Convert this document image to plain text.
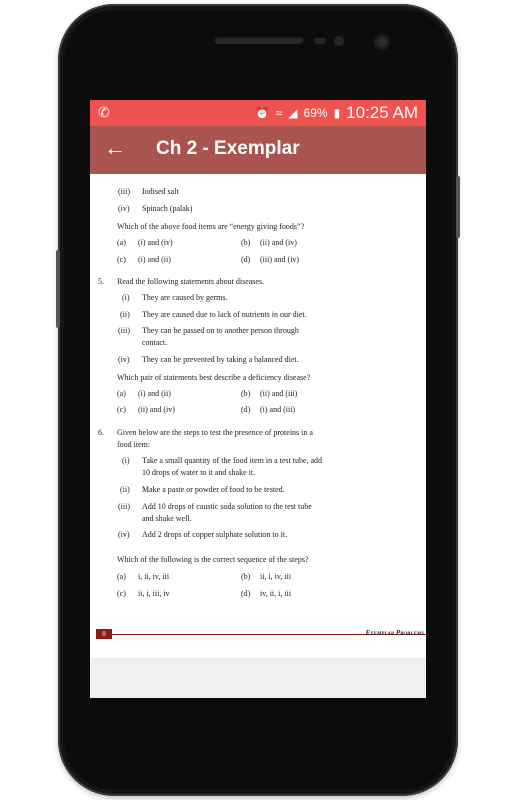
✆	⏰ ≈ ◢ 69% ▮ 10:25 AM
← Ch 2 - Exemplar
(iii) Iodised salt
(iv) Spinach (palak)
Which of the above food items are “energy giving foods”?
(a) (i) and (iv)	(b) (ii) and (iv)
(c) (i) and (ii)	(d) (iii) and (iv)
5. Read the following statements about diseases.
(i) They are caused by germs.
(ii) They are caused due to lack of nutrients in our diet.
(iii) They can be passed on to another person through
contact.
(iv) They can be prevented by taking a balanced diet.
Which pair of statements best describe a deficiency disease?
(a) (i) and (ii)	(b) (ii) and (iii)
(c) (ii) and (iv)	(d) (i) and (iii)
6. Given below are the steps to test the presence of proteins in a
food item:
(i) Take a small quantity of the food item in a test tube, add
10 drops of water to it and shake it.
(ii) Make a paste or powder of food to be tested.
(iii) Add 10 drops of caustic soda solution to the test tube
and shake well.
(iv) Add 2 drops of copper sulphate solution to it.
Which of the following is the correct sequence of the steps?
(a) i, ii, iv, iii	(b) ii, i, iv, iii
(c) ii, i, iii, iv	(d) iv, ii, i, iii
8	Exemplar Problems
